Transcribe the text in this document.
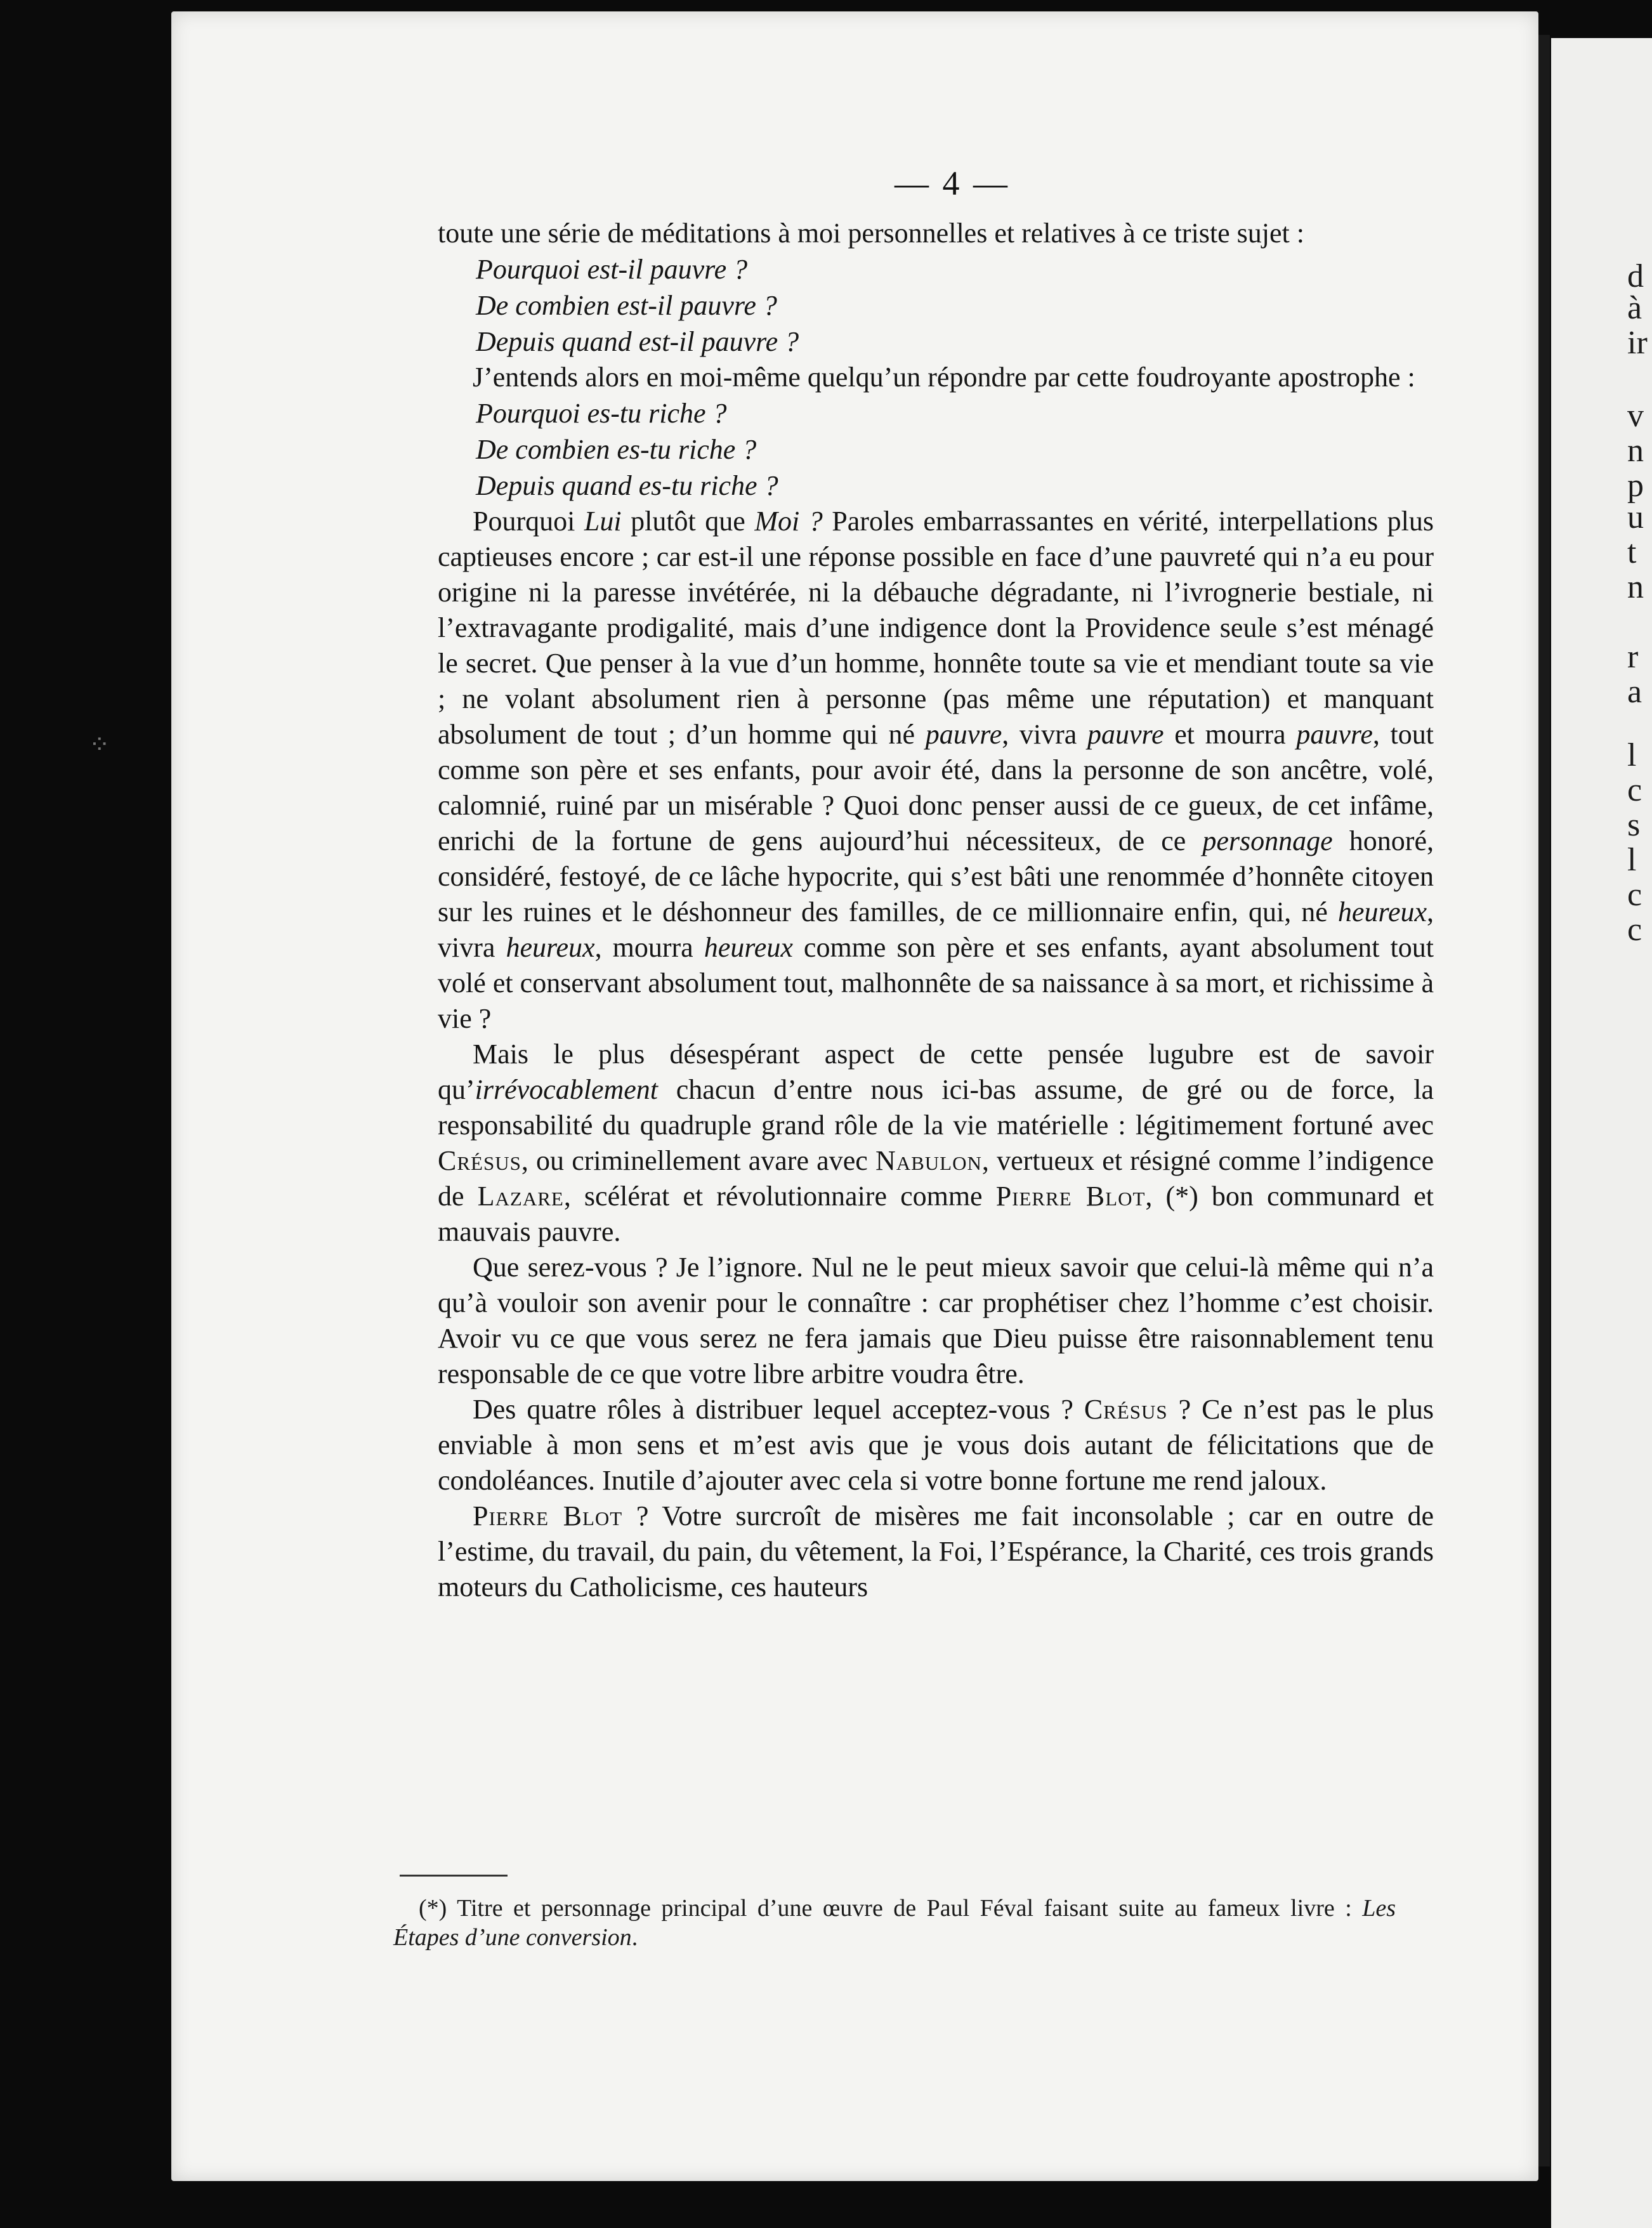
⁘
d
à
ir
v
n
p
u
t
n
r
a
l
c
s
l
c
c
— 4 —

toute une série de méditations à moi personnelles et relatives à ce triste sujet :

Pourquoi est-il pauvre ?
De combien est-il pauvre ?
Depuis quand est-il pauvre ?

J’entends alors en moi-même quelqu’un répondre par cette foudroyante apostrophe :

Pourquoi es-tu riche ?
De combien es-tu riche ?
Depuis quand es-tu riche ?

Pourquoi Lui plutôt que Moi ? Paroles embarrassantes en vérité, interpellations plus captieuses encore ; car est-il une réponse possible en face d’une pauvreté qui n’a eu pour origine ni la paresse invétérée, ni la débauche dégradante, ni l’ivrognerie bestiale, ni l’extravagante prodigalité, mais d’une indigence dont la Providence seule s’est ménagé le secret. Que penser à la vue d’un homme, honnête toute sa vie et mendiant toute sa vie ; ne volant absolument rien à personne (pas même une réputation) et manquant absolument de tout ; d’un homme qui né pauvre, vivra pauvre et mourra pauvre, tout comme son père et ses enfants, pour avoir été, dans la personne de son ancêtre, volé, calomnié, ruiné par un misérable ? Quoi donc penser aussi de ce gueux, de cet infâme, enrichi de la fortune de gens aujourd’hui nécessiteux, de ce personnage honoré, considéré, festoyé, de ce lâche hypocrite, qui s’est bâti une renommée d’honnête citoyen sur les ruines et le déshonneur des familles, de ce millionnaire enfin, qui, né heureux, vivra heureux, mourra heureux comme son père et ses enfants, ayant absolument tout volé et conservant absolument tout, malhonnête de sa naissance à sa mort, et richissime à vie ?

Mais le plus désespérant aspect de cette pensée lugubre est de savoir qu’irrévocablement chacun d’entre nous ici-bas assume, de gré ou de force, la responsabilité du quadruple grand rôle de la vie matérielle : légitimement fortuné avec Crésus, ou criminellement avare avec Nabulon, vertueux et résigné comme l’indigence de Lazare, scélérat et révolutionnaire comme Pierre Blot, (*) bon communard et mauvais pauvre.

Que serez-vous ? Je l’ignore. Nul ne le peut mieux savoir que celui-là même qui n’a qu’à vouloir son avenir pour le connaître : car prophétiser chez l’homme c’est choisir. Avoir vu ce que vous serez ne fera jamais que Dieu puisse être raisonnablement tenu responsable de ce que votre libre arbitre voudra être.

Des quatre rôles à distribuer lequel acceptez-vous ? Crésus ? Ce n’est pas le plus enviable à mon sens et m’est avis que je vous dois autant de félicitations que de condoléances. Inutile d’ajouter avec cela si votre bonne fortune me rend jaloux.

Pierre Blot ? Votre surcroît de misères me fait inconsolable ; car en outre de l’estime, du travail, du pain, du vêtement, la Foi, l’Espérance, la Charité, ces trois grands moteurs du Catholicisme, ces hauteurs

(*) Titre et personnage principal d’une œuvre de Paul Féval faisant suite au fameux livre : Les Étapes d’une conversion.
